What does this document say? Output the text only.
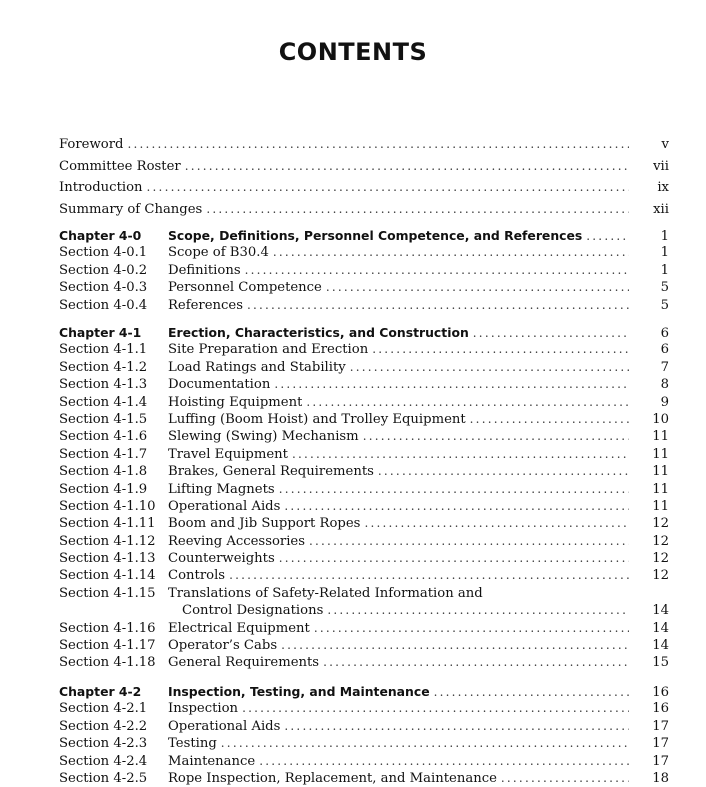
CONTENTS
Foreword .....	v
Committee Roster .....	vii
Introduction .....	ix
Summary of Changes .....	xii
Chapter 4-0	Scope, Definitions, Personnel Competence, and References .....	1
Section 4-0.1	Scope of B30.4 .....	1
Section 4-0.2	Definitions .....	1
Section 4-0.3	Personnel Competence .....	5
Section 4-0.4	References .....	5
Chapter 4-1	Erection, Characteristics, and Construction .....	6
Section 4-1.1	Site Preparation and Erection .....	6
Section 4-1.2	Load Ratings and Stability .....	7
Section 4-1.3	Documentation .....	8
Section 4-1.4	Hoisting Equipment .....	9
Section 4-1.5	Luffing (Boom Hoist) and Trolley Equipment .....	10
Section 4-1.6	Slewing (Swing) Mechanism .....	11
Section 4-1.7	Travel Equipment .....	11
Section 4-1.8	Brakes, General Requirements .....	11
Section 4-1.9	Lifting Magnets .....	11
Section 4-1.10 Operational Aids .....	11
Section 4-1.11 Boom and Jib Support Ropes .....	12
Section 4-1.12 Reeving Accessories .....	12
Section 4-1.13 Counterweights .....	12
Section 4-1.14 Controls .....	12
Section 4-1.15 Translations of Safety-Related Information and
Control Designations .....	14
Section 4-1.16 Electrical Equipment .....	14
Section 4-1.17 Operator’s Cabs .....	14
Section 4-1.18 General Requirements .....	15
Chapter 4-2	Inspection, Testing, and Maintenance .....	16
Section 4-2.1	Inspection .....	16
Section 4-2.2	Operational Aids .....	17
Section 4-2.3	Testing .....	17
Section 4-2.4	Maintenance .....	17
Section 4-2.5	Rope Inspection, Replacement, and Maintenance .....	18
